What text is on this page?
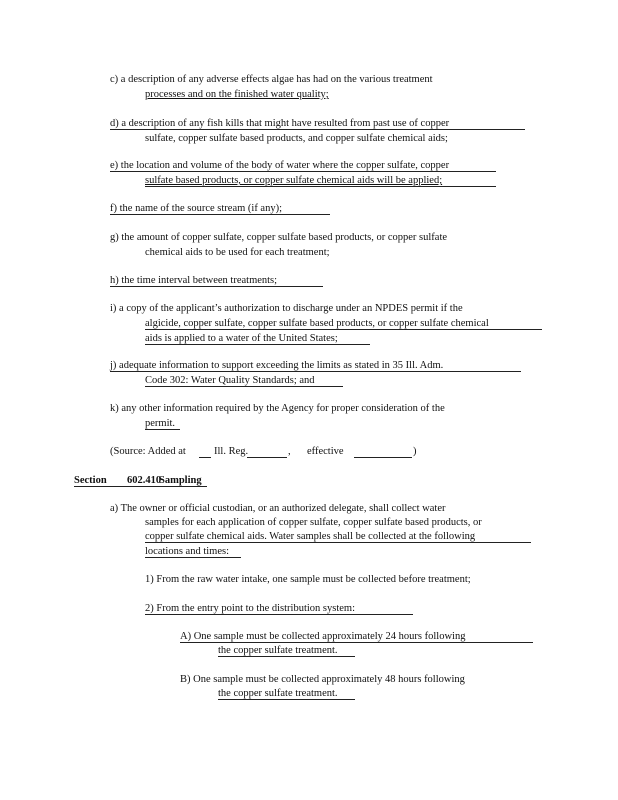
c) a description of any adverse effects algae has had on the various treatment
processes and on the finished water quality;
d) a description of any fish kills that might have resulted from past use of copper
sulfate, copper sulfate based products, and copper sulfate chemical aids;
e) the location and volume of the body of water where the copper sulfate, copper
sulfate based products, or copper sulfate chemical aids will be applied;
f) the name of the source stream (if any);
g) the amount of copper sulfate, copper sulfate based products, or copper sulfate
chemical aids to be used for each treatment;
h) the time interval between treatments;
i) a copy of the applicant’s authorization to discharge under an NPDES permit if the
algicide, copper sulfate, copper sulfate based products, or copper sulfate chemical
aids is applied to a water of the United States;
j) adequate information to support exceeding the limits as stated in 35 Ill. Adm.
Code 302: Water Quality Standards; and
k) any other information required by the Agency for proper consideration of the
permit.
(Source: Added at	Ill. Reg.	, effective	)
Section 602.410
Sampling
a) The owner or official custodian, or an authorized delegate, shall collect water
samples for each application of copper sulfate, copper sulfate based products, or
copper sulfate chemical aids. Water samples shall be collected at the following
locations and times:
1) From the raw water intake, one sample must be collected before treatment;
2) From the entry point to the distribution system:
A) One sample must be collected approximately 24 hours following
the copper sulfate treatment.
B) One sample must be collected approximately 48 hours following
the copper sulfate treatment.
